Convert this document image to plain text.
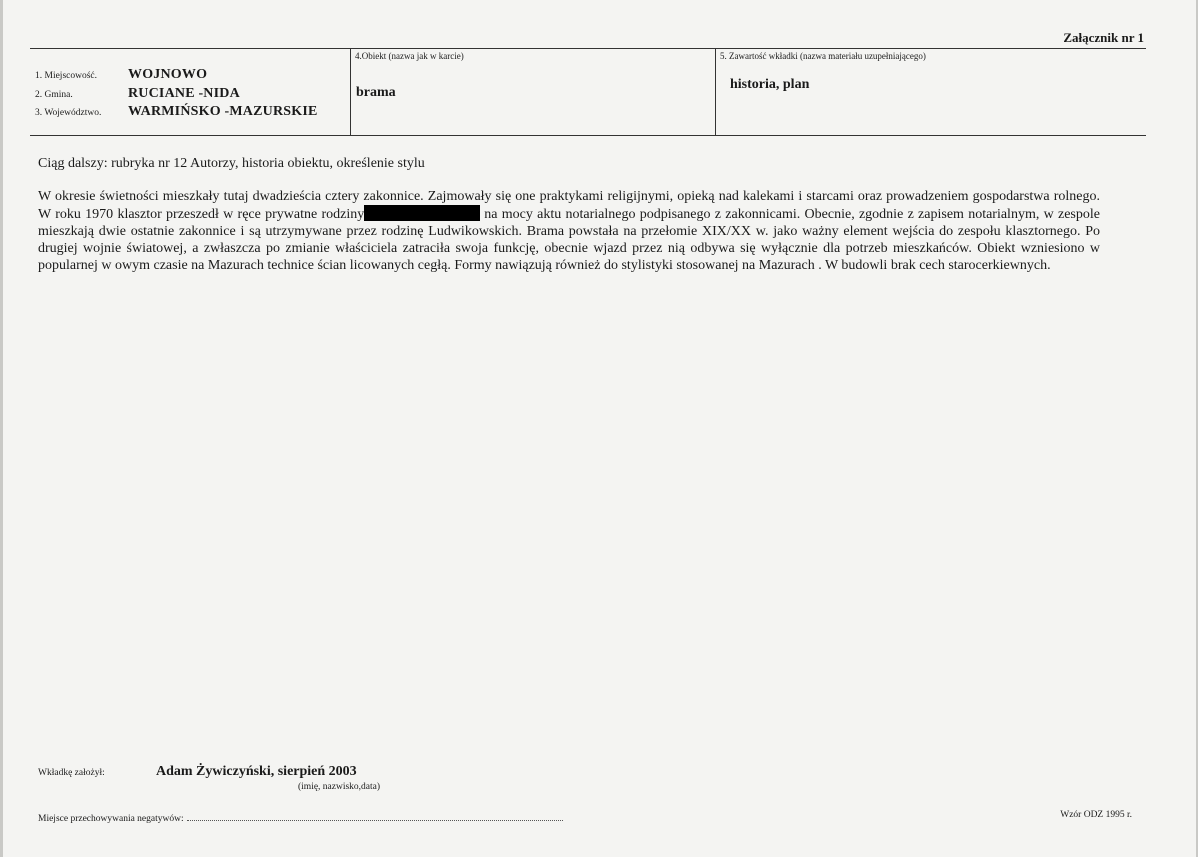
Załącznik nr 1
1. Miejscowość.	WOJNOWO
2. Gmina.	RUCIANE -NIDA
3. Województwo.	WARMIŃSKO -MAZURSKIE
4.Obiekt (nazwa jak w karcie)
brama
5. Zawartość wkładki (nazwa materiału uzupełniającego)
historia, plan
Ciąg dalszy: rubryka nr 12 Autorzy, historia obiektu, określenie stylu
W okresie świetności mieszkały tutaj dwadzieścia cztery zakonnice. Zajmowały się one praktykami religijnymi, opieką nad kalekami i starcami oraz prowadzeniem gospodarstwa rolnego. W roku 1970 klasztor przeszedł w ręce prywatne rodziny	na mocy aktu notarialnego podpisanego z zakonnicami. Obecnie, zgodnie z zapisem notarialnym, w zespole mieszkają dwie ostatnie zakonnice i są utrzymywane przez rodzinę Ludwikowskich. Brama powstała na przełomie XIX/XX w. jako ważny element wejścia do zespołu klasztornego. Po drugiej wojnie światowej, a zwłaszcza po zmianie właściciela zatraciła swoja funkcję, obecnie wjazd przez nią odbywa się wyłącznie dla potrzeb mieszkańców. Obiekt wzniesiono w popularnej w owym czasie na Mazurach technice ścian licowanych cegłą. Formy nawiązują również do stylistyki stosowanej na Mazurach . W budowli brak cech starocerkiewnych.
Wkładkę założył:	Adam Żywiczyński, sierpień 2003
(imię, nazwisko,data)
Miejsce przechowywania negatywów:	Wzór ODZ 1995 r.
